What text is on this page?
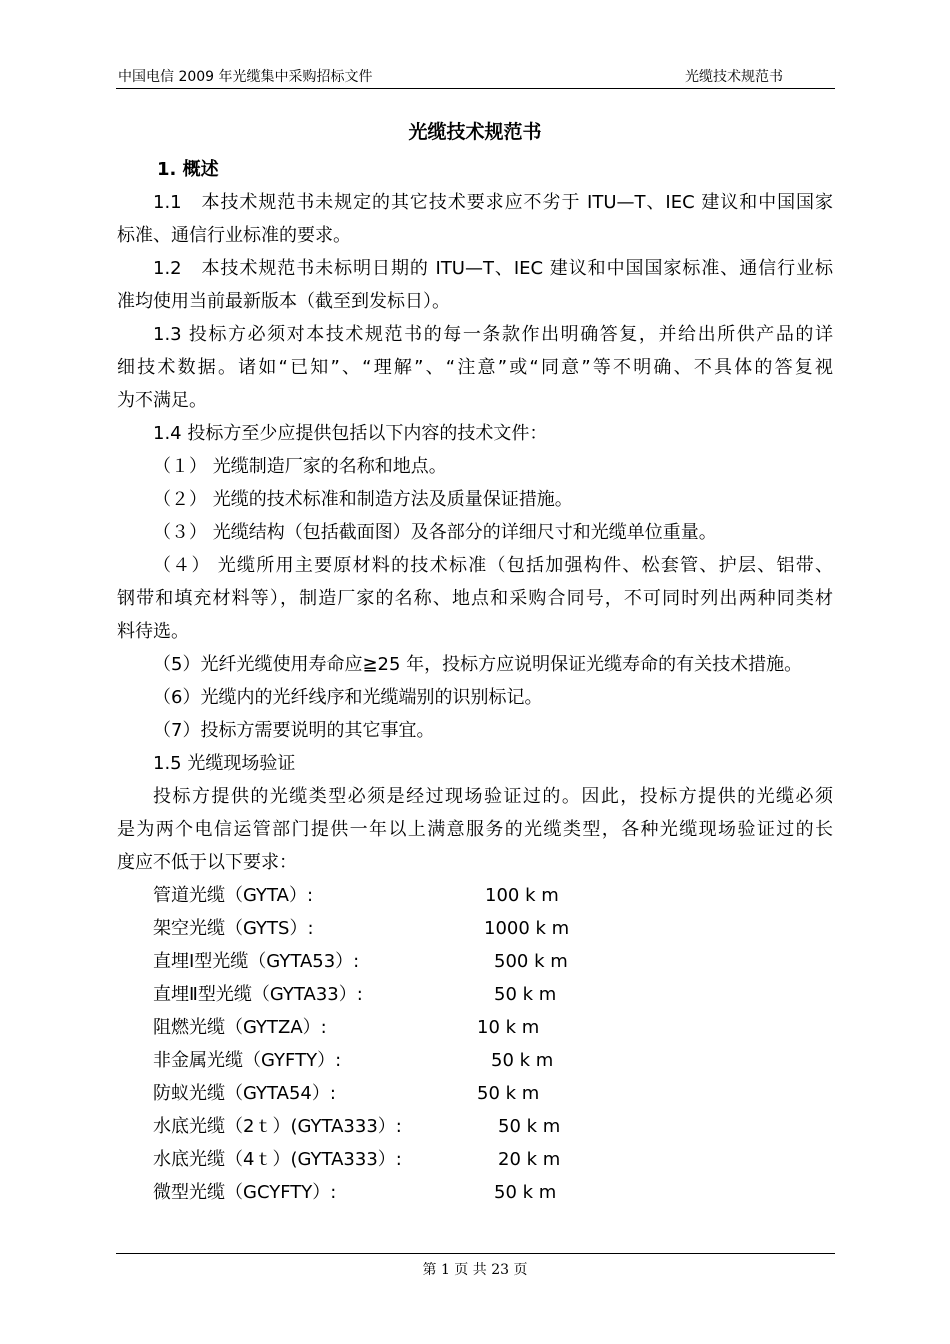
中国电信 2009 年光缆集中采购招标文件	光缆技术规范书
光缆技术规范书
1. 概述
1.1　本技术规范书未规定的其它技术要求应不劣于 ITU—T、IEC 建议和中国国家
标准、通信行业标准的要求。
1.2　本技术规范书未标明日期的 ITU—T、IEC 建议和中国国家标准、通信行业标
准均使用当前最新版本（截至到发标日）。
1.3 投标方必须对本技术规范书的每一条款作出明确答复，并给出所供产品的详
细技术数据。诸如“已知”、“理解”、“注意”或“同意”等不明确、不具体的答复视
为不满足。
1.4 投标方至少应提供包括以下内容的技术文件：
（１） 光缆制造厂家的名称和地点。
（２） 光缆的技术标准和制造方法及质量保证措施。
（３） 光缆结构（包括截面图）及各部分的详细尺寸和光缆单位重量。
（４） 光缆所用主要原材料的技术标准（包括加强构件、松套管、护层、铝带、
钢带和填充材料等），制造厂家的名称、地点和采购合同号，不可同时列出两种同类材
料待选。
（5）光纤光缆使用寿命应≧25 年，投标方应说明保证光缆寿命的有关技术措施。
（6）光缆内的光纤线序和光缆端别的识别标记。
（7）投标方需要说明的其它事宜。
1.5 光缆现场验证
投标方提供的光缆类型必须是经过现场验证过的。因此，投标方提供的光缆必须
是为两个电信运管部门提供一年以上满意服务的光缆类型，各种光缆现场验证过的长
度应不低于以下要求：
管道光缆（GYTA）:	100 k m
架空光缆（GYTS）:	1000 k m
直埋Ⅰ型光缆（GYTA53）:	500 k m
直埋Ⅱ型光缆（GYTA33）:	50 k m
阻燃光缆（GYTZA）:	10 k m
非金属光缆（GYFTY）:	50 k m
防蚁光缆（GYTA54）:	50 k m
水底光缆（2ｔ）(GYTA333）:	50 k m
水底光缆（4ｔ）(GYTA333）:	20 k m
微型光缆（GCYFTY）:	50 k m
第 1 页 共 23 页
